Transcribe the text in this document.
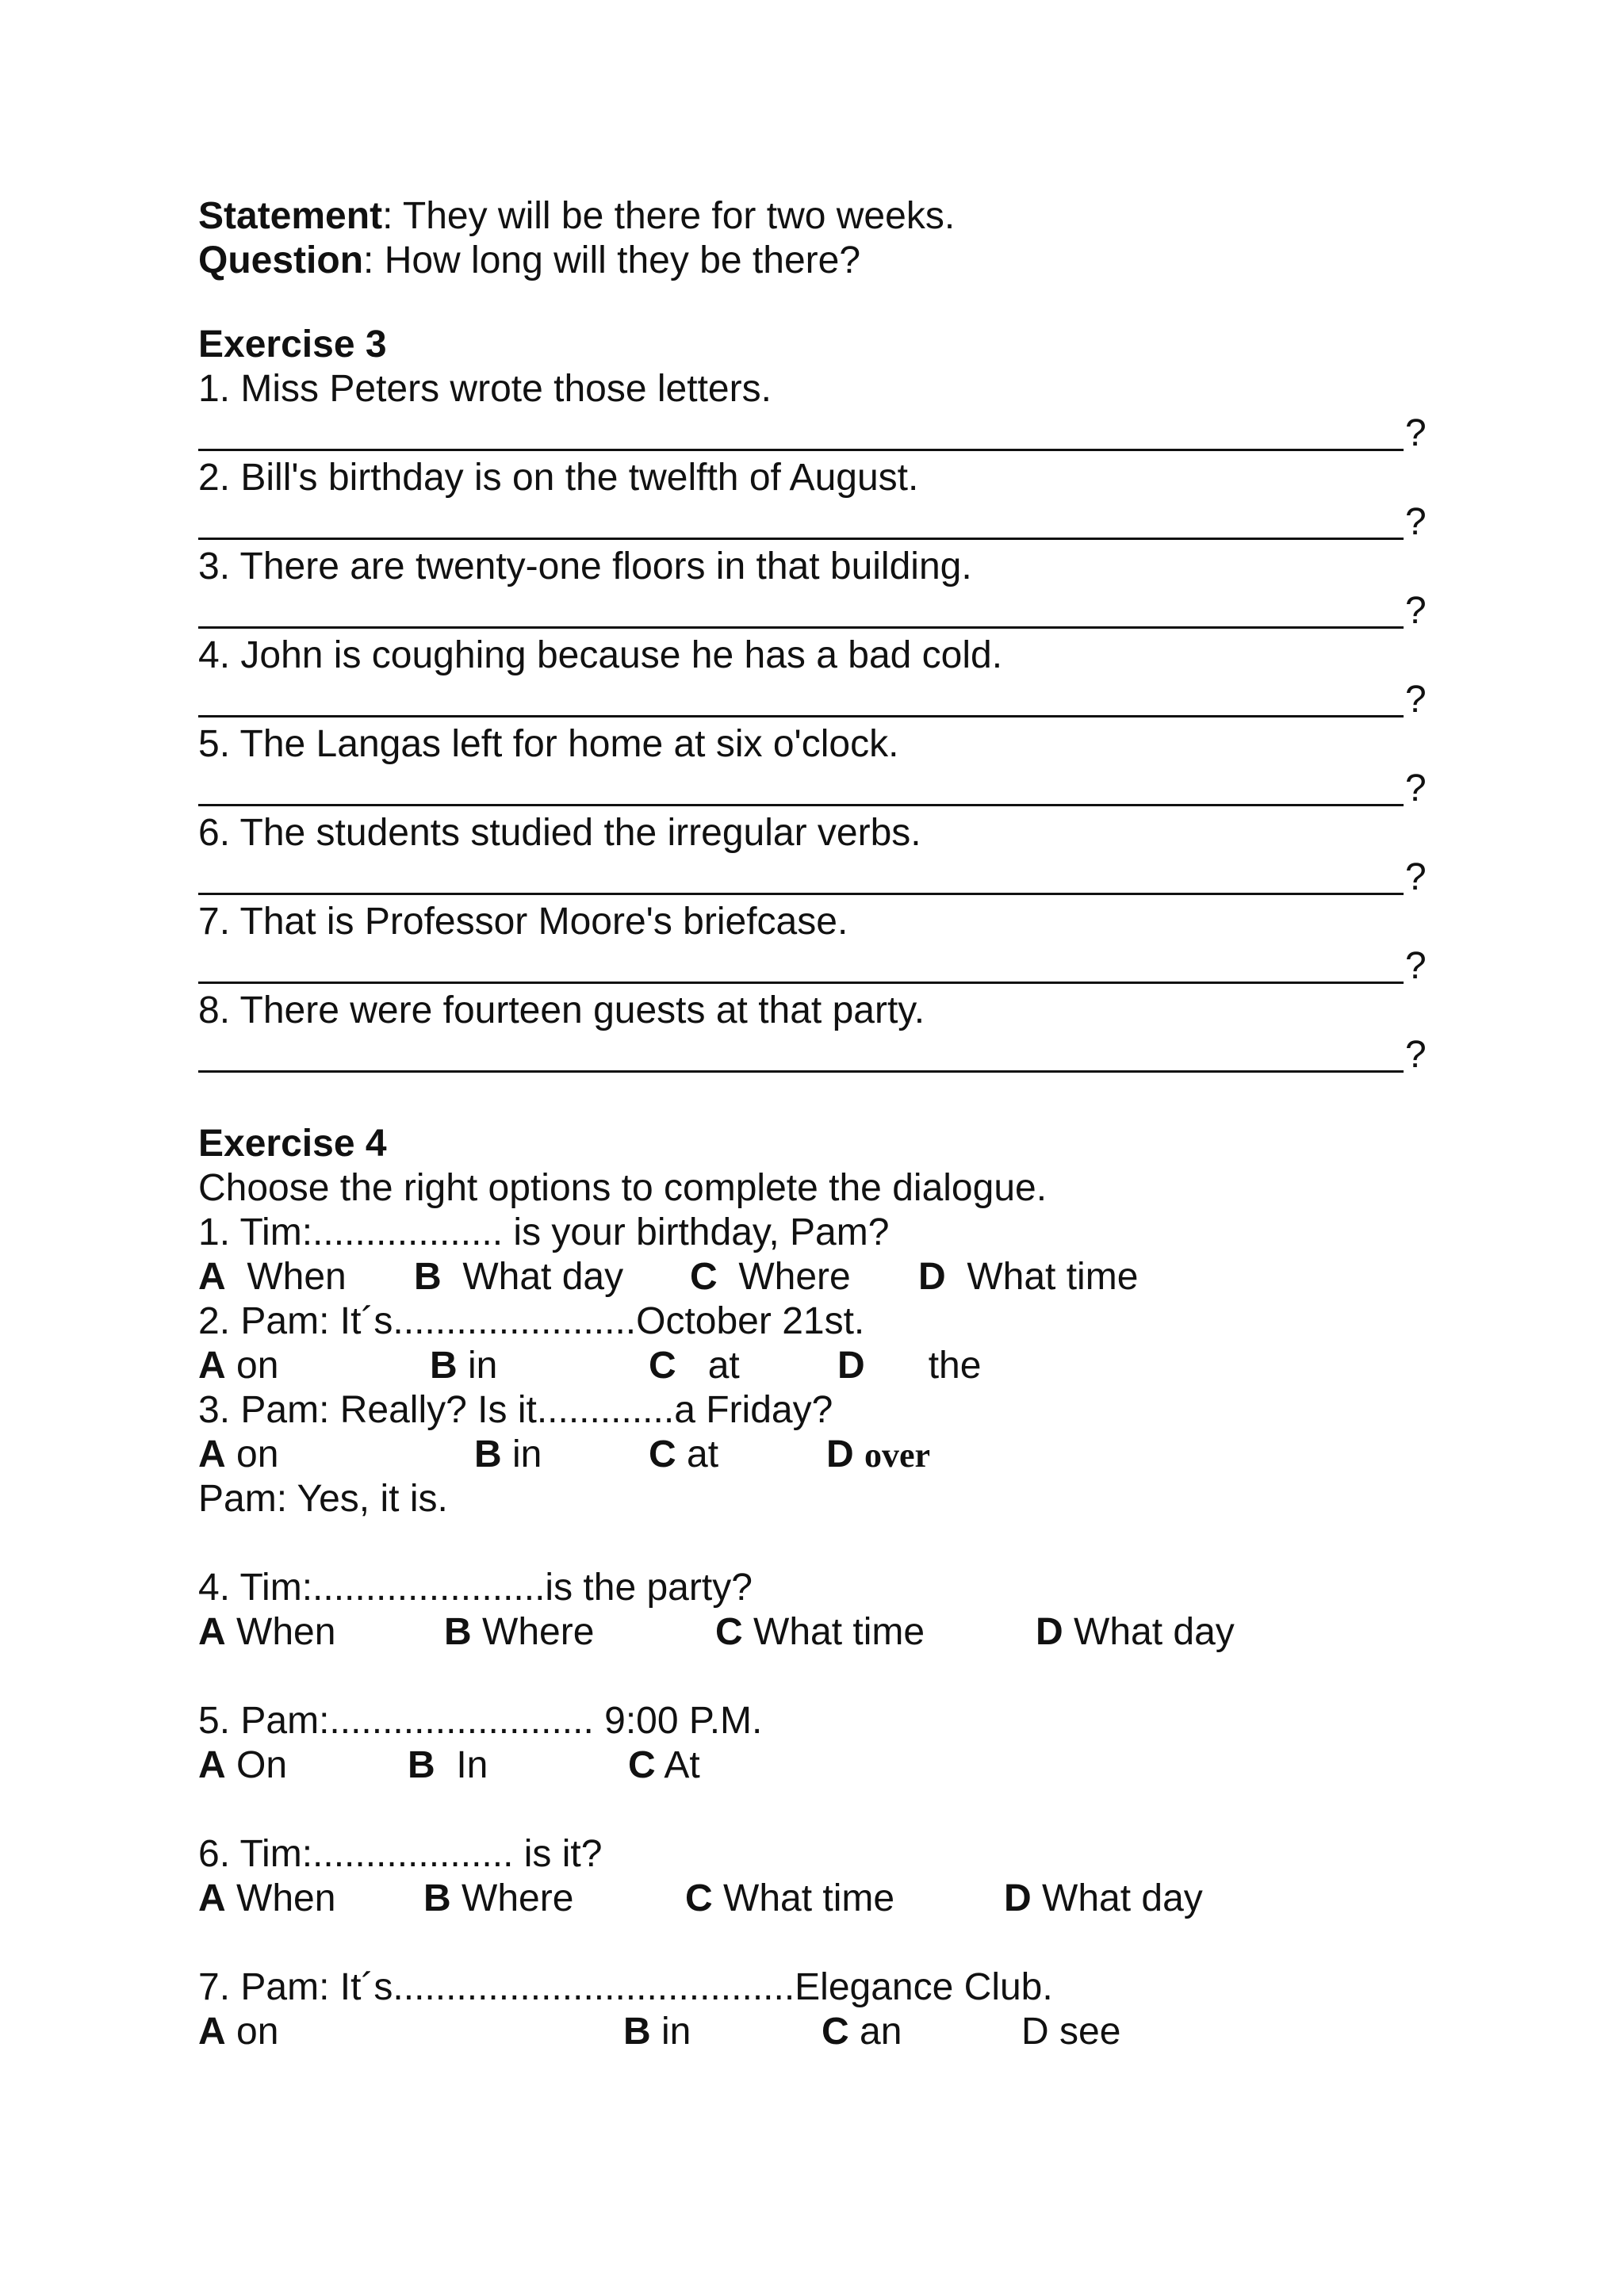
Statement: They will be there for two weeks.
Question: How long will they be there?
Exercise 3
1. Miss Peters wrote those letters.
?
2. Bill's birthday is on the twelfth of August.
?
3. There are twenty-one floors in that building.
?
4. John is coughing because he has a bad cold.
?
5. The Langas left for home at six o'clock.
?
6. The students studied the irregular verbs.
?
7. That is Professor Moore's briefcase.
?
8. There were fourteen guests at that party.
?
Exercise 4
Choose the right options to complete the dialogue.
1. Tim:.................. is your birthday, Pam?
A When B What day C Where D What time
2. Pam: It´s.......................October 21st.
A on	B in	C at	D the
3. Pam: Really? Is it.............a Friday?
A on	B in	C at	D over
Pam: Yes, it is.
4. Tim:......................is the party?
A When	B Where	C What time	D What day
5. Pam:......................... 9:00 P.M.
A On	B In	C At
6. Tim:................... is it?
A When B Where	C What time	D What day
7. Pam: It´s......................................Elegance Club.
A on	B in	C an	D see
